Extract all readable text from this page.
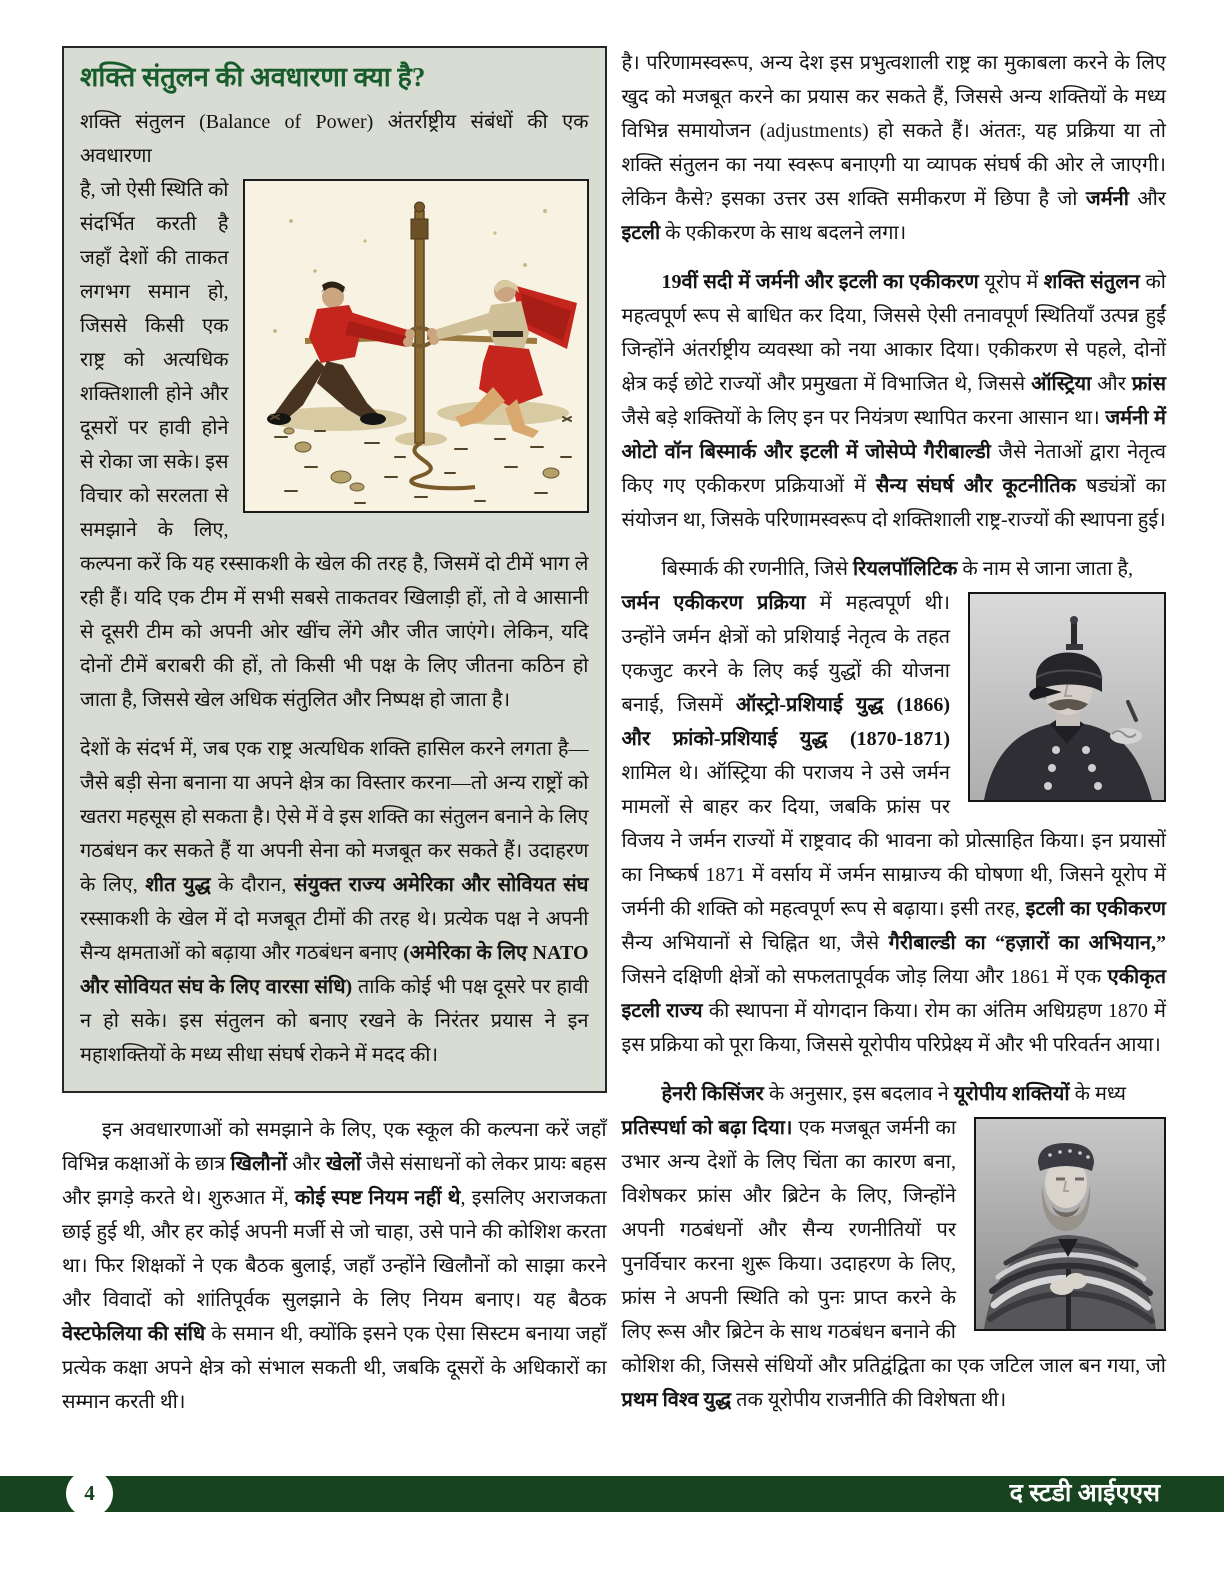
शक्ति संतुलन की अवधारणा क्या है?

शक्ति संतुलन (Balance of Power) अंतर्राष्ट्रीय संबंधों की एक अवधारणा

है, जो ऐसी स्थिति को संदर्भित करती है जहाँ देशों की ताकत लगभग समान हो, जिससे किसी एक राष्ट्र को अत्यधिक शक्तिशाली होने और दूसरों पर हावी होने से रोका जा सके। इस विचार को सरलता से समझाने के लिए, कल्पना करें कि यह रस्साकशी के खेल की तरह है, जिसमें दो टीमें भाग ले रही हैं। यदि एक टीम में सभी सबसे ताकतवर खिलाड़ी हों, तो वे आसानी से दूसरी टीम को अपनी ओर खींच लेंगे और जीत जाएंगे। लेकिन, यदि दोनों टीमें बराबरी की हों, तो किसी भी पक्ष के लिए जीतना कठिन हो जाता है, जिससे खेल अधिक संतुलित और निष्पक्ष हो जाता है।

देशों के संदर्भ में, जब एक राष्ट्र अत्यधिक शक्ति हासिल करने लगता है—जैसे बड़ी सेना बनाना या अपने क्षेत्र का विस्तार करना—तो अन्य राष्ट्रों को खतरा महसूस हो सकता है। ऐसे में वे इस शक्ति का संतुलन बनाने के लिए गठबंधन कर सकते हैं या अपनी सेना को मजबूत कर सकते हैं। उदाहरण के लिए, शीत युद्ध के दौरान, संयुक्त राज्य अमेरिका और सोवियत संघ रस्साकशी के खेल में दो मजबूत टीमों की तरह थे। प्रत्येक पक्ष ने अपनी सैन्य क्षमताओं को बढ़ाया और गठबंधन बनाए (अमेरिका के लिए NATO और सोवियत संघ के लिए वारसा संधि) ताकि कोई भी पक्ष दूसरे पर हावी न हो सके। इस संतुलन को बनाए रखने के निरंतर प्रयास ने इन महाशक्तियों के मध्य सीधा संघर्ष रोकने में मदद की।

इन अवधारणाओं को समझाने के लिए, एक स्कूल की कल्पना करें जहाँ विभिन्न कक्षाओं के छात्र खिलौनों और खेलों जैसे संसाधनों को लेकर प्रायः बहस और झगड़े करते थे। शुरुआत में, कोई स्पष्ट नियम नहीं थे, इसलिए अराजकता छाई हुई थी, और हर कोई अपनी मर्जी से जो चाहा, उसे पाने की कोशिश करता था। फिर शिक्षकों ने एक बैठक बुलाई, जहाँ उन्होंने खिलौनों को साझा करने और विवादों को शांतिपूर्वक सुलझाने के लिए नियम बनाए। यह बैठक वेस्टफेलिया की संधि के समान थी, क्योंकि इसने एक ऐसा सिस्टम बनाया जहाँ प्रत्येक कक्षा अपने क्षेत्र को संभाल सकती थी, जबकि दूसरों के अधिकारों का सम्मान करती थी।

है। परिणामस्वरूप, अन्य देश इस प्रभुत्वशाली राष्ट्र का मुकाबला करने के लिए खुद को मजबूत करने का प्रयास कर सकते हैं, जिससे अन्य शक्तियों के मध्य विभिन्न समायोजन (adjustments) हो सकते हैं। अंततः, यह प्रक्रिया या तो शक्ति संतुलन का नया स्वरूप बनाएगी या व्यापक संघर्ष की ओर ले जाएगी। लेकिन कैसे? इसका उत्तर उस शक्ति समीकरण में छिपा है जो जर्मनी और इटली के एकीकरण के साथ बदलने लगा।

19वीं सदी में जर्मनी और इटली का एकीकरण यूरोप में शक्ति संतुलन को महत्वपूर्ण रूप से बाधित कर दिया, जिससे ऐसी तनावपूर्ण स्थितियाँ उत्पन्न हुईं जिन्होंने अंतर्राष्ट्रीय व्यवस्था को नया आकार दिया। एकीकरण से पहले, दोनों क्षेत्र कई छोटे राज्यों और प्रमुखता में विभाजित थे, जिससे ऑस्ट्रिया और फ्रांस जैसे बड़े शक्तियों के लिए इन पर नियंत्रण स्थापित करना आसान था। जर्मनी में ओटो वॉन बिस्मार्क और इटली में जोसेप्पे गैरीबाल्डी जैसे नेताओं द्वारा नेतृत्व किए गए एकीकरण प्रक्रियाओं में सैन्य संघर्ष और कूटनीतिक षड्यंत्रों का संयोजन था, जिसके परिणामस्वरूप दो शक्तिशाली राष्ट्र-राज्यों की स्थापना हुई।

बिस्मार्क की रणनीति, जिसे रियलपॉलिटिक के नाम से जाना जाता है,

जर्मन एकीकरण प्रक्रिया में महत्वपूर्ण थी। उन्होंने जर्मन क्षेत्रों को प्रशियाई नेतृत्व के तहत एकजुट करने के लिए कई युद्धों की योजना बनाई, जिसमें ऑस्ट्रो-प्रशियाई युद्ध (1866) और फ्रांको-प्रशियाई युद्ध (1870-1871) शामिल थे। ऑस्ट्रिया की पराजय ने उसे जर्मन मामलों से बाहर कर दिया, जबकि फ्रांस पर विजय ने जर्मन राज्यों में राष्ट्रवाद की भावना को प्रोत्साहित किया। इन प्रयासों का निष्कर्ष 1871 में वर्साय में जर्मन साम्राज्य की घोषणा थी, जिसने यूरोप में जर्मनी की शक्ति को महत्वपूर्ण रूप से बढ़ाया। इसी तरह, इटली का एकीकरण सैन्य अभियानों से चिह्नित था, जैसे गैरीबाल्डी का “हज़ारों का अभियान,” जिसने दक्षिणी क्षेत्रों को सफलतापूर्वक जोड़ लिया और 1861 में एक एकीकृत इटली राज्य की स्थापना में योगदान किया। रोम का अंतिम अधिग्रहण 1870 में इस प्रक्रिया को पूरा किया, जिससे यूरोपीय परिप्रेक्ष्य में और भी परिवर्तन आया।

हेनरी किसिंजर के अनुसार, इस बदलाव ने यूरोपीय शक्तियों के मध्य

प्रतिस्पर्धा को बढ़ा दिया। एक मजबूत जर्मनी का उभार अन्य देशों के लिए चिंता का कारण बना, विशेषकर फ्रांस और ब्रिटेन के लिए, जिन्होंने अपनी गठबंधनों और सैन्य रणनीतियों पर पुनर्विचार करना शुरू किया। उदाहरण के लिए, फ्रांस ने अपनी स्थिति को पुनः प्राप्त करने के लिए रूस और ब्रिटेन के साथ गठबंधन बनाने की कोशिश की, जिससे संधियों और प्रतिद्वंद्विता का एक जटिल जाल बन गया, जो प्रथम विश्व युद्ध तक यूरोपीय राजनीति की विशेषता थी।

4	द स्टडी आईएएस
